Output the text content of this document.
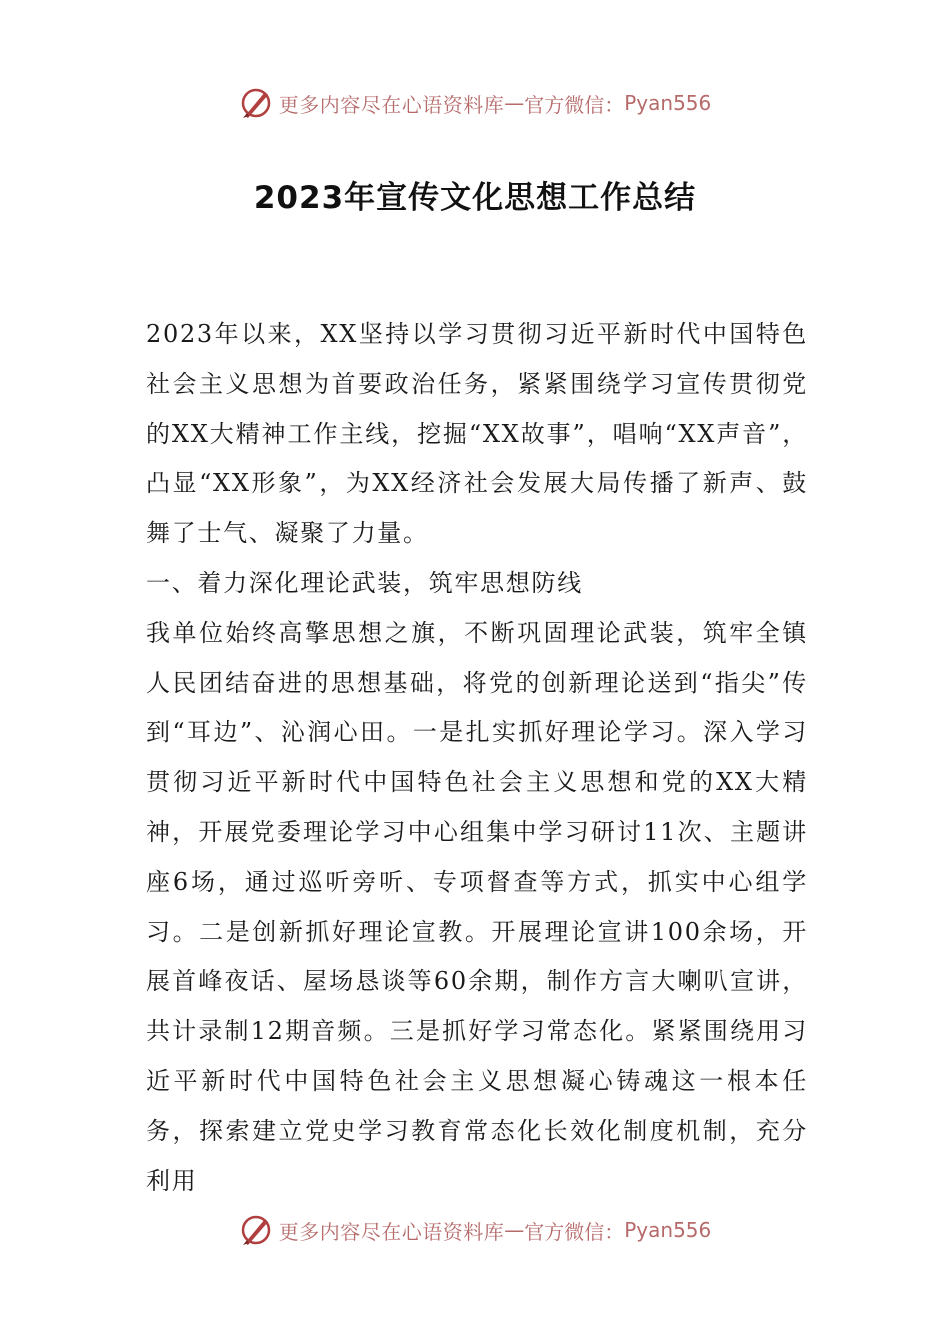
更多内容尽在心语资料库 — 官方微信： Pyan556
2023年宣传文化思想工作总结

2023年以来，XX坚持以学习贯彻习近平新时代中国特色社会主义思想为首要政治任务，紧紧围绕学习宣传贯彻党的XX大精神工作主线，挖掘“XX故事”，唱响“XX声音”，凸显“XX形象”，为XX经济社会发展大局传播了新声、鼓舞了士气、凝聚了力量。

一、着力深化理论武装，筑牢思想防线

我单位始终高擎思想之旗，不断巩固理论武装，筑牢全镇人民团结奋进的思想基础，将党的创新理论送到“指尖”传到“耳边”、沁润心田。一是扎实抓好理论学习。深入学习贯彻习近平新时代中国特色社会主义思想和党的XX大精神，开展党委理论学习中心组集中学习研讨11次、主题讲座6场，通过巡听旁听、专项督查等方式，抓实中心组学习。二是创新抓好理论宣教。开展理论宣讲100余场，开展首峰夜话、屋场恳谈等60余期，制作方言大喇叭宣讲，共计录制12期音频。三是抓好学习常态化。紧紧围绕用习近平新时代中国特色社会主义思想凝心铸魂这一根本任务，探索建立党史学习教育常态化长效化制度机制，充分利用

更多内容尽在心语资料库 — 官方微信： Pyan556
